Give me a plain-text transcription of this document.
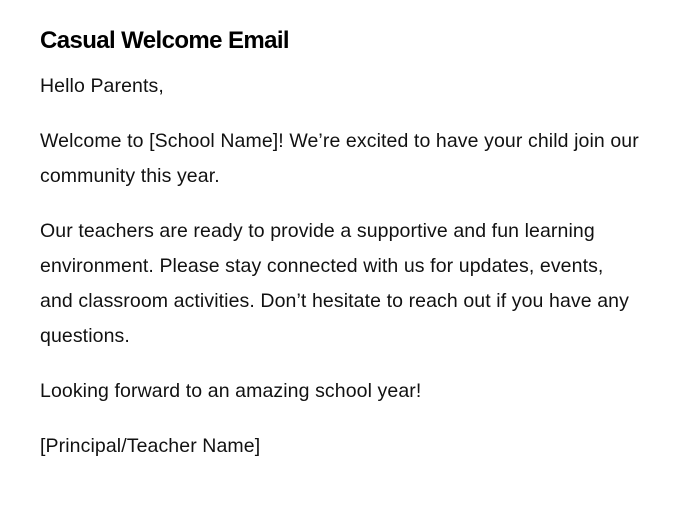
Casual Welcome Email

Hello Parents,

Welcome to [School Name]! We’re excited to have your child join our community this year.

Our teachers are ready to provide a supportive and fun learning environment. Please stay connected with us for updates, events, and classroom activities. Don’t hesitate to reach out if you have any questions.

Looking forward to an amazing school year!

[Principal/Teacher Name]
